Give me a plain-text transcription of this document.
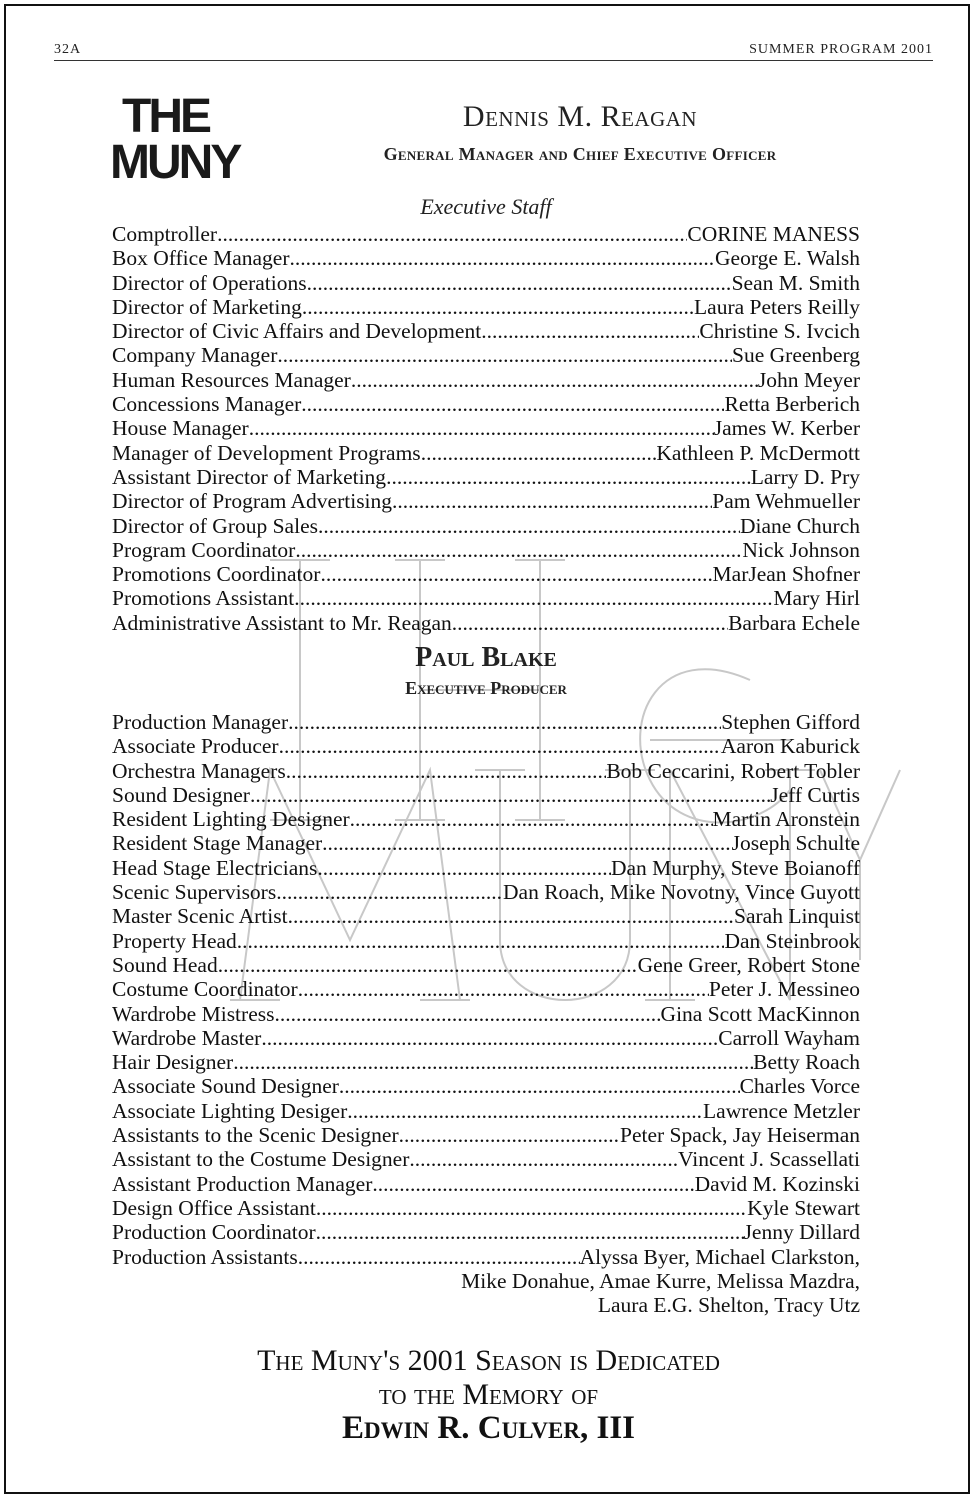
32A	SUMMER PROGRAM 2001
THE
MUNY
Dennis M. Reagan
General Manager and Chief Executive Officer
Executive Staff
Comptroller .....	CORINE MANESS
Box Office Manager .....	George E. Walsh
Director of Operations .....	Sean M. Smith
Director of Marketing .....	Laura Peters Reilly
Director of Civic Affairs and Development .....	Christine S. Ivcich
Company Manager .....	Sue Greenberg
Human Resources Manager .....	John Meyer
Concessions Manager .....	Retta Berberich
House Manager .....	James W. Kerber
Manager of Development Programs .....	Kathleen P. McDermott
Assistant Director of Marketing .....	Larry D. Pry
Director of Program Advertising .....	Pam Wehmueller
Director of Group Sales .....	Diane Church
Program Coordinator .....	Nick Johnson
Promotions Coordinator .....	MarJean Shofner
Promotions Assistant .....	Mary Hirl
Administrative Assistant to Mr. Reagan .....	Barbara Echele
Paul Blake
Executive Producer
Production Manager .....	Stephen Gifford
Associate Producer .....	Aaron Kaburick
Orchestra Managers .....	Bob Ceccarini, Robert Tobler
Sound Designer .....	Jeff Curtis
Resident Lighting Designer .....	Martin Aronstein
Resident Stage Manager .....	Joseph Schulte
Head Stage Electricians .....	Dan Murphy, Steve Boianoff
Scenic Supervisors .....	Dan Roach, Mike Novotny, Vince Guyott
Master Scenic Artist .....	Sarah Linquist
Property Head .....	Dan Steinbrook
Sound Head .....	Gene Greer, Robert Stone
Costume Coordinator .....	Peter J. Messineo
Wardrobe Mistress .....	Gina Scott MacKinnon
Wardrobe Master .....	Carroll Wayham
Hair Designer .....	Betty Roach
Associate Sound Designer .....	Charles Vorce
Associate Lighting Desiger .....	Lawrence Metzler
Assistants to the Scenic Designer .....	Peter Spack, Jay Heiserman
Assistant to the Costume Designer .....	Vincent J. Scassellati
Assistant Production Manager .....	David M. Kozinski
Design Office Assistant .....	Kyle Stewart
Production Coordinator .....	Jenny Dillard
Production Assistants .....	Alyssa Byer, Michael Clarkston,
Mike Donahue, Amae Kurre, Melissa Mazdra,
Laura E.G. Shelton, Tracy Utz
The Muny's 2001 Season is Dedicated
to the Memory of
Edwin R. Culver, III
